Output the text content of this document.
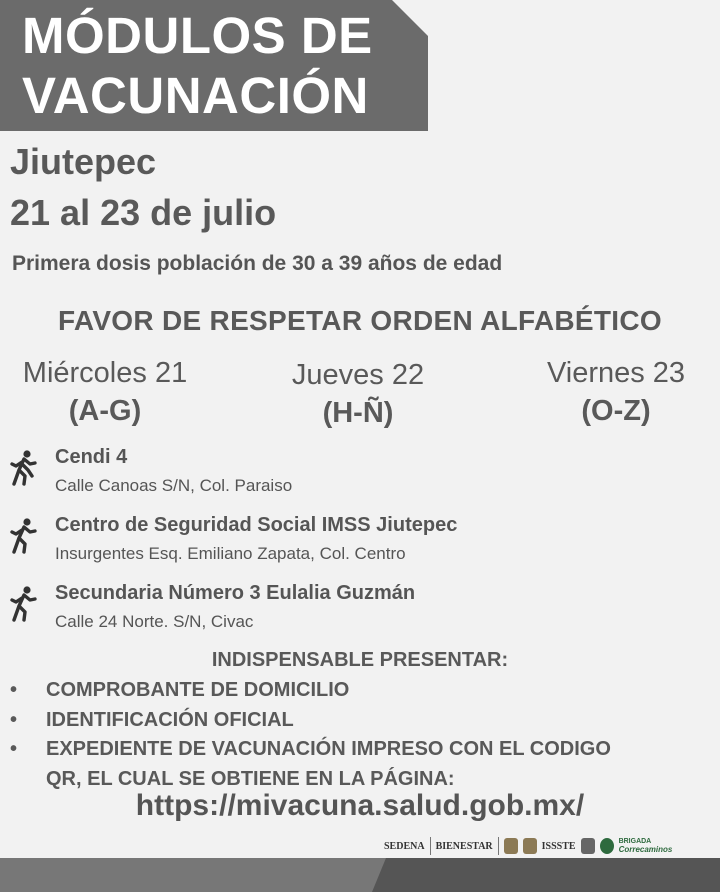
MÓDULOS DE
VACUNACIÓN
Jiutepec
21 al 23 de julio
Primera dosis población de 30 a 39 años de edad
FAVOR DE RESPETAR ORDEN ALFABÉTICO
Miércoles 21
(A-G)
Jueves 22
(H-Ñ)
Viernes 23
(O-Z)
Cendi 4
Calle Canoas S/N, Col. Paraiso
Centro de Seguridad Social IMSS Jiutepec
Insurgentes Esq. Emiliano Zapata, Col. Centro
Secundaria Número 3 Eulalia Guzmán
Calle 24 Norte. S/N, Civac
INDISPENSABLE PRESENTAR:
• COMPROBANTE DE DOMICILIO
• IDENTIFICACIÓN OFICIAL
• EXPEDIENTE DE VACUNACIÓN IMPRESO CON EL CODIGO QR, EL CUAL SE OBTIENE EN LA PÁGINA:
https://mivacuna.salud.gob.mx/
SEDENA BIENESTAR	ISSSTE	BRIGADA
Correcaminos
